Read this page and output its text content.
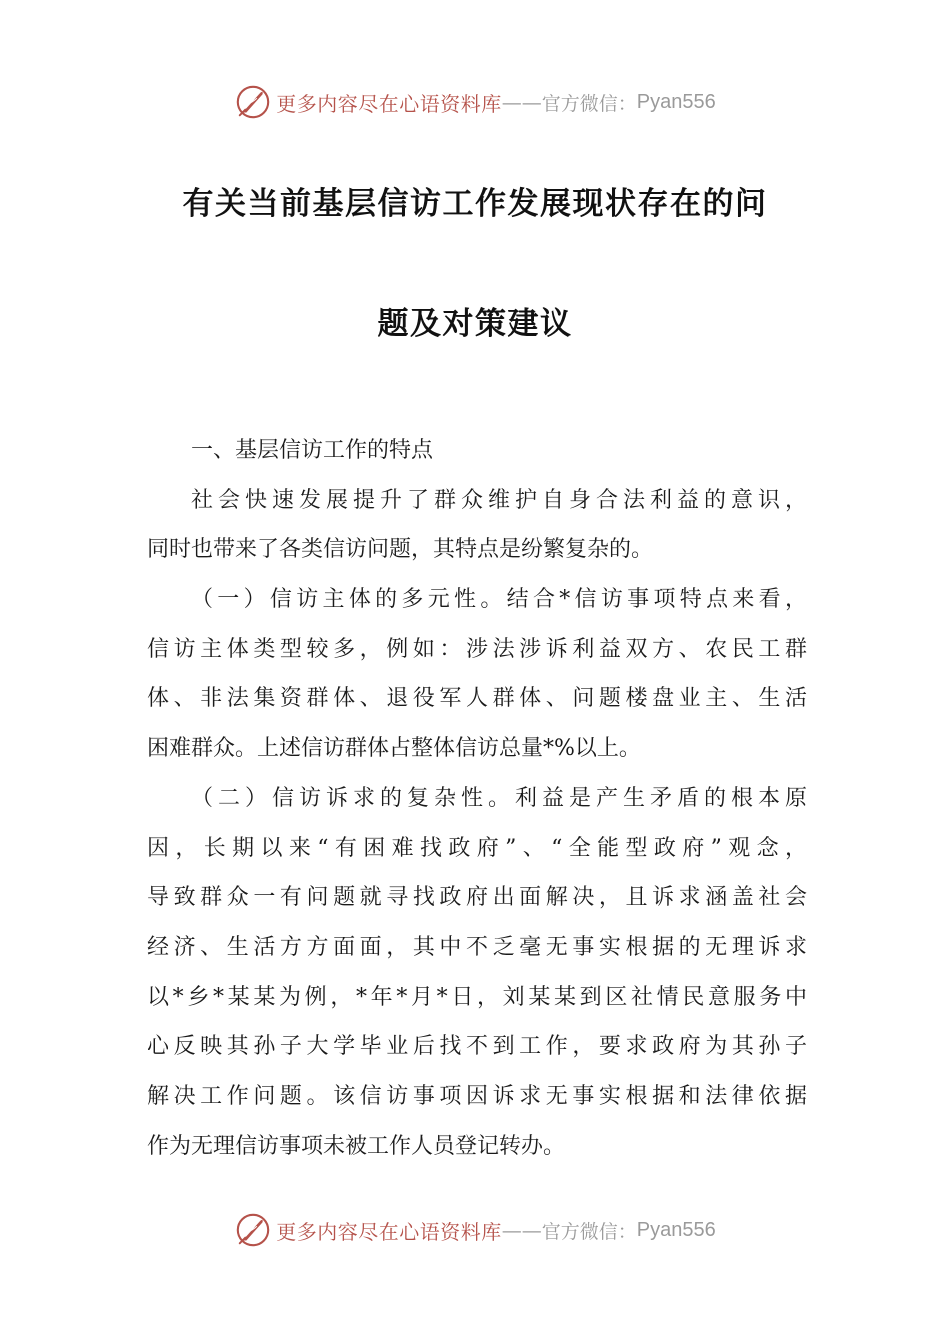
更多内容尽在心语资料库 —— 官方微信： Pyan556
有关当前基层信访工作发展现状存在的问
题及对策建议
一、基层信访工作的特点
社会快速发展提升了群众维护自身合法利益的意识，
同时也带来了各类信访问题，其特点是纷繁复杂的。
（一）信访主体的多元性。结合*信访事项特点来看，
信访主体类型较多，例如：涉法涉诉利益双方、农民工群
体、非法集资群体、退役军人群体、问题楼盘业主、生活
困难群众。上述信访群体占整体信访总量*%以上。
（二）信访诉求的复杂性。利益是产生矛盾的根本原
因，长期以来“有困难找政府”、“全能型政府”观念，
导致群众一有问题就寻找政府出面解决，且诉求涵盖社会
经济、生活方方面面，其中不乏毫无事实根据的无理诉求
以*乡*某某为例，*年*月*日，刘某某到区社情民意服务中
心反映其孙子大学毕业后找不到工作，要求政府为其孙子
解决工作问题。该信访事项因诉求无事实根据和法律依据
作为无理信访事项未被工作人员登记转办。
更多内容尽在心语资料库 —— 官方微信： Pyan556
